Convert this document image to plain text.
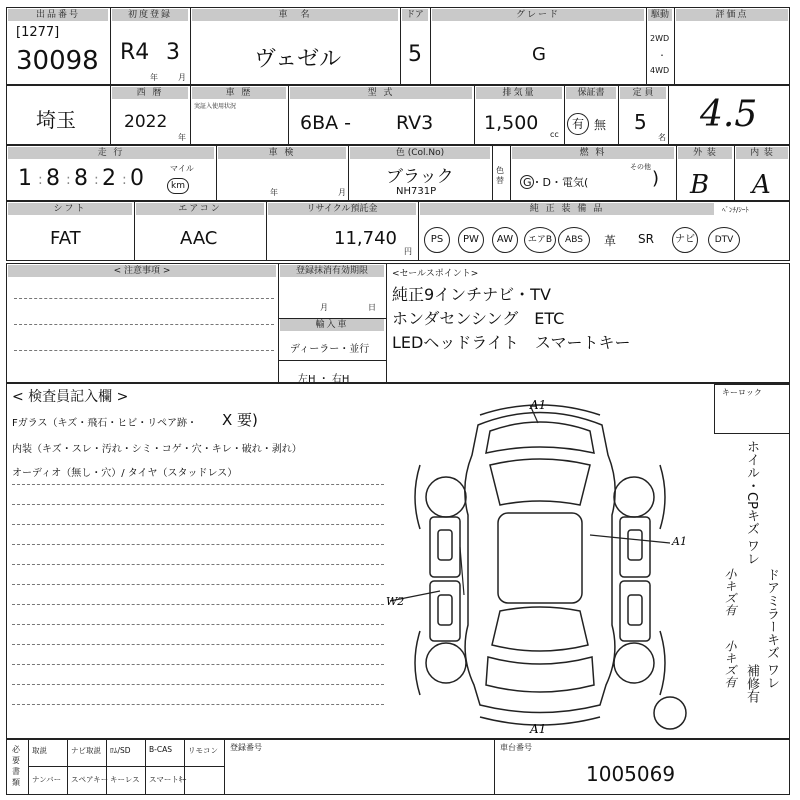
出品番号
[1277]
30098
初度登録
R4 3
年	月
車　名
ヴェゼル
ドア
5
グレード
G
駆動
2WD
・
4WD
評価点
埼玉
西 暦
2022
年
車 歴
実証入使用状況
型 式
6BA - RV3
排気量
1,500
cc
保証書
有 無
定 員
5
名
4.5
走 行
1 : 8 : 8 : 2 : 0	マイル
km
車 検
年	月
色 (Col.No)
ブラック
NH731P
色替
燃 料
G・D・電気(
その他
)
外 装
B
内 装
A
シフト
FAT
エアコン
AAC
リサイクル預託金
11,740
円
純 正 装 備 品	ﾍﾞﾝﾁ/ｼｰﾄ
PS	PW	AW	エアB	ABS	革 SR	ナビ	DTV
< 注意事項 >	登録抹消有効期限
月	日
輸入車
ディーラー・並行
左H ・ 右H
<セールスポイント>
純正9インチナビ・TV
ホンダセンシング　ETC
LEDヘッドライト　スマートキー
< 検査員記入欄 >
Fガラス（キズ・飛石・ヒビ・リペア跡・ X 要)
内装（キズ・スレ・汚れ・シミ・コゲ・穴・キレ・破れ・剥れ）
オーディオ（無し・穴）/ タイヤ（スタッドレス）
キーロック
ホイル・CPキズ ワレ
小キズ有 ドアミラーキズ ワレ
小キズ有 補修有
A1
A1
W2
A1
必要書類
取説	ナビ取説 ﾛﾑ/SD B-CAS リモコン
ナンバー スペアキー キーレス スマートｷｰ
登録番号	車台番号
1005069
